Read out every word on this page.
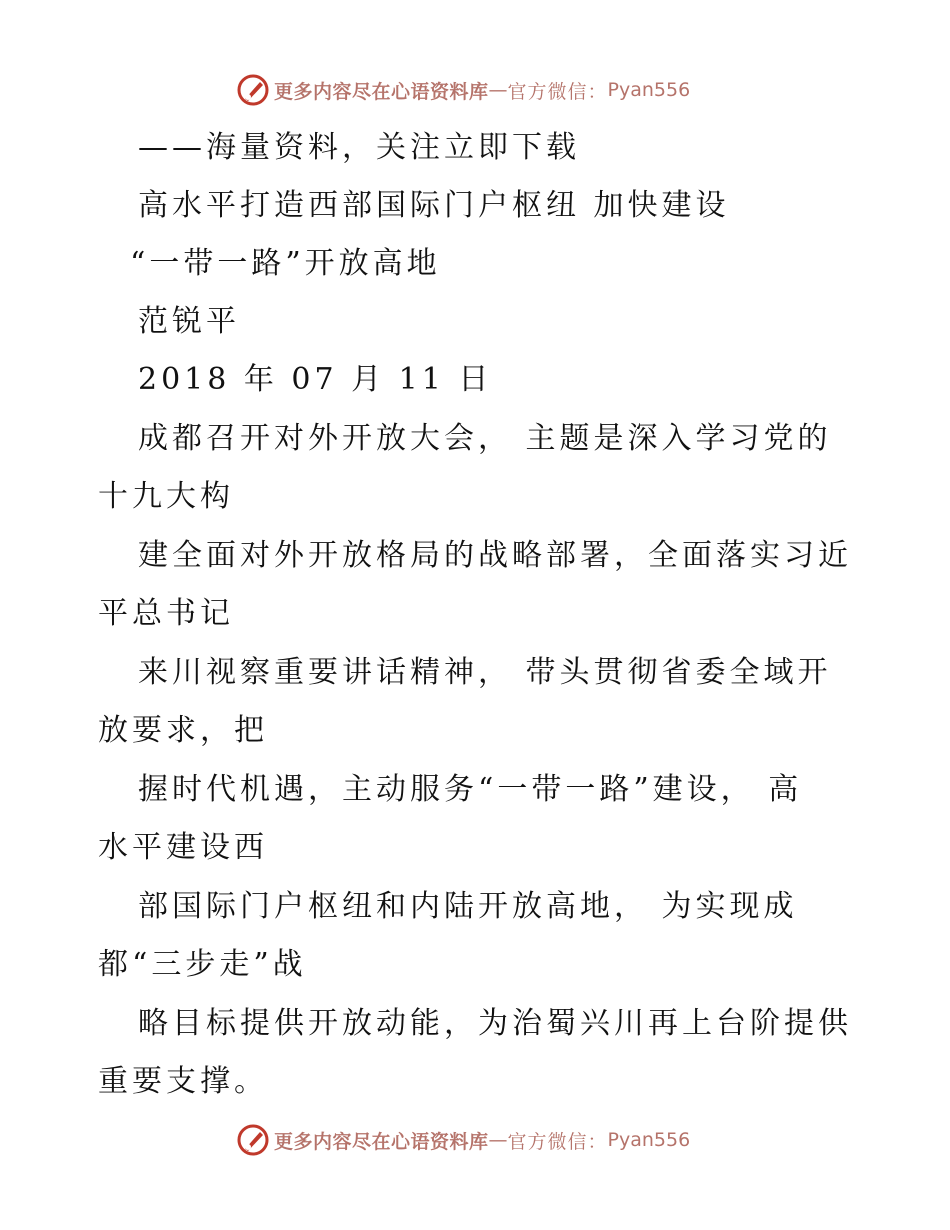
更多内容尽在心语资料库 — 官方微信： Pyan556
——海量资料，关注立即下载
高水平打造西部国际门户枢纽 加快建设
“一带一路”开放高地
范锐平
2018 年 07 月 11 日
成都召开对外开放大会， 主题是深入学习党的
十九大构
建全面对外开放格局的战略部署，全面落实习近
平总书记
来川视察重要讲话精神， 带头贯彻省委全域开
放要求，把
握时代机遇，主动服务“一带一路”建设， 高
水平建设西
部国际门户枢纽和内陆开放高地， 为实现成
都“三步走”战
略目标提供开放动能，为治蜀兴川再上台阶提供
重要支撑。
更多内容尽在心语资料库 — 官方微信： Pyan556
